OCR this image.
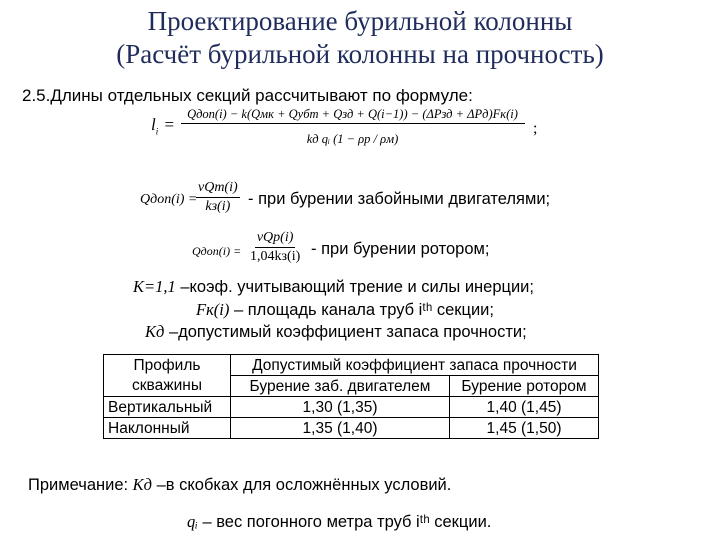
Проектирование бурильной колонны
(Расчёт бурильной колонны на прочность)
2.5.Длины отдельных секций рассчитывают по формуле:
$l_i$ =
Qдоп(i) − k(Qмк + Qубт + Qзд + Q(i−1)) − (ΔPзд + ΔPд)Fк(i)
kд qᵢ (1 − ρр / ρм)
;
Qдоп(i) =
νQт(i)
kз(i) - при бурении забойными двигателями;
Qдоп(i) =
νQр(i)
1,04kз(i) - при бурении ротором;
K=1,1 –коэф. учитывающий трение и силы инерции;
Fк(i) – площадь канала труб iᵗʰ секции;
Kд –допустимый коэффициент запаса прочности;
Профиль
скважины	Допустимый коэффициент запаса прочности	
	Бурение заб. двигателем	Бурение ротором
Вертикальный	1,30 (1,35)	1,40 (1,45)
Наклонный	1,35 (1,40)	1,45 (1,50)
Примечание: Kд –в скобках для осложнённых условий.
qᵢ – вес погонного метра труб iᵗʰ секции.
